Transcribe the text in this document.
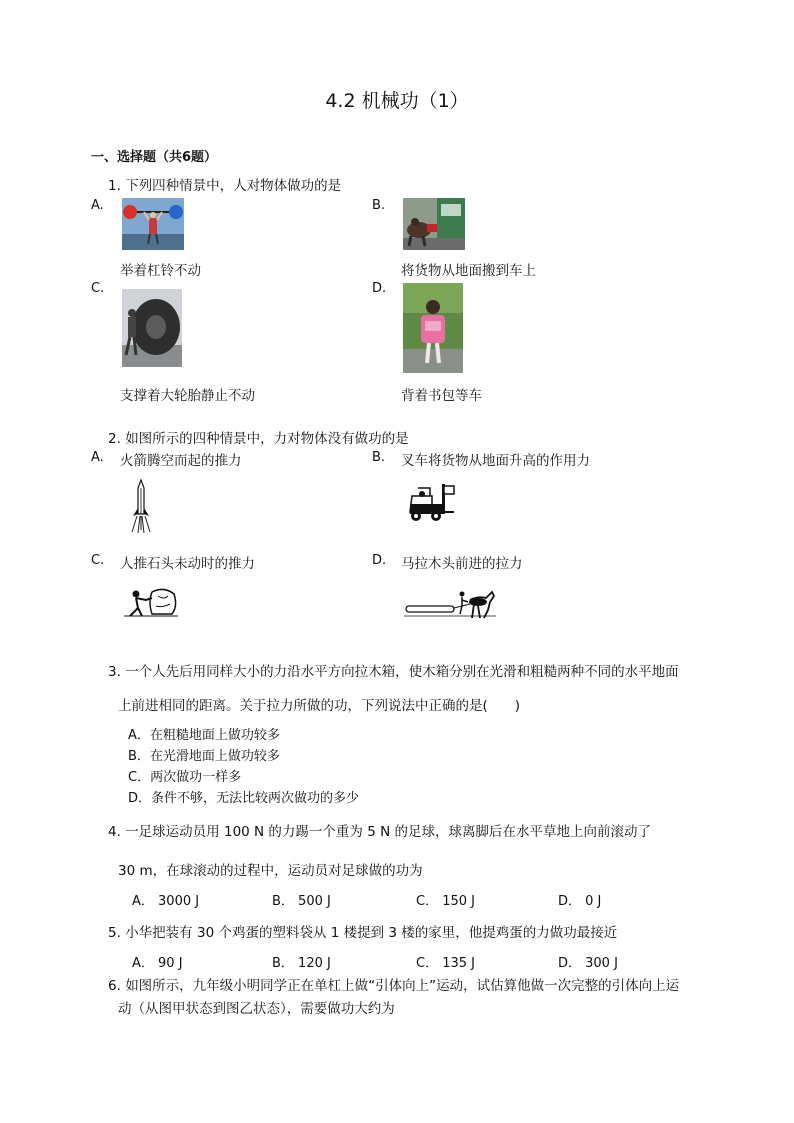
4.2 机械功（1）
一、选择题（共6题）
1. 下列四种情景中，人对物体做功的是
A.
举着杠铃不动
B.
将货物从地面搬到车上
C.
支撑着大轮胎静止不动
D.
背着书包等车
2. 如图所示的四种情景中，力对物体没有做功的是
A. 火箭腾空而起的推力	B. 叉车将货物从地面升高的作用力
C. 人推石头未动时的推力	D. 马拉木头前进的拉力
3. 一个人先后用同样大小的力沿水平方向拉木箱，使木箱分别在光滑和粗糙两种不同的水平地面
上前进相同的距离。关于拉力所做的功，下列说法中正确的是(　　)
A．在粗糙地面上做功较多
B．在光滑地面上做功较多
C．两次做功一样多
D．条件不够，无法比较两次做功的多少
4. 一足球运动员用 100 N 的力踢一个重为 5 N 的足球，球离脚后在水平草地上向前滚动了
30 m，在球滚动的过程中，运动员对足球做的功为
A． 3000 J	B． 500 J	C． 150 J	D． 0 J
5. 小华把装有 30 个鸡蛋的塑料袋从 1 楼提到 3 楼的家里，他提鸡蛋的力做功最接近
A． 90 J	B． 120 J	C． 135 J	D． 300 J
6. 如图所示，九年级小明同学正在单杠上做“引体向上”运动，试估算他做一次完整的引体向上运
动（从图甲状态到图乙状态），需要做功大约为
